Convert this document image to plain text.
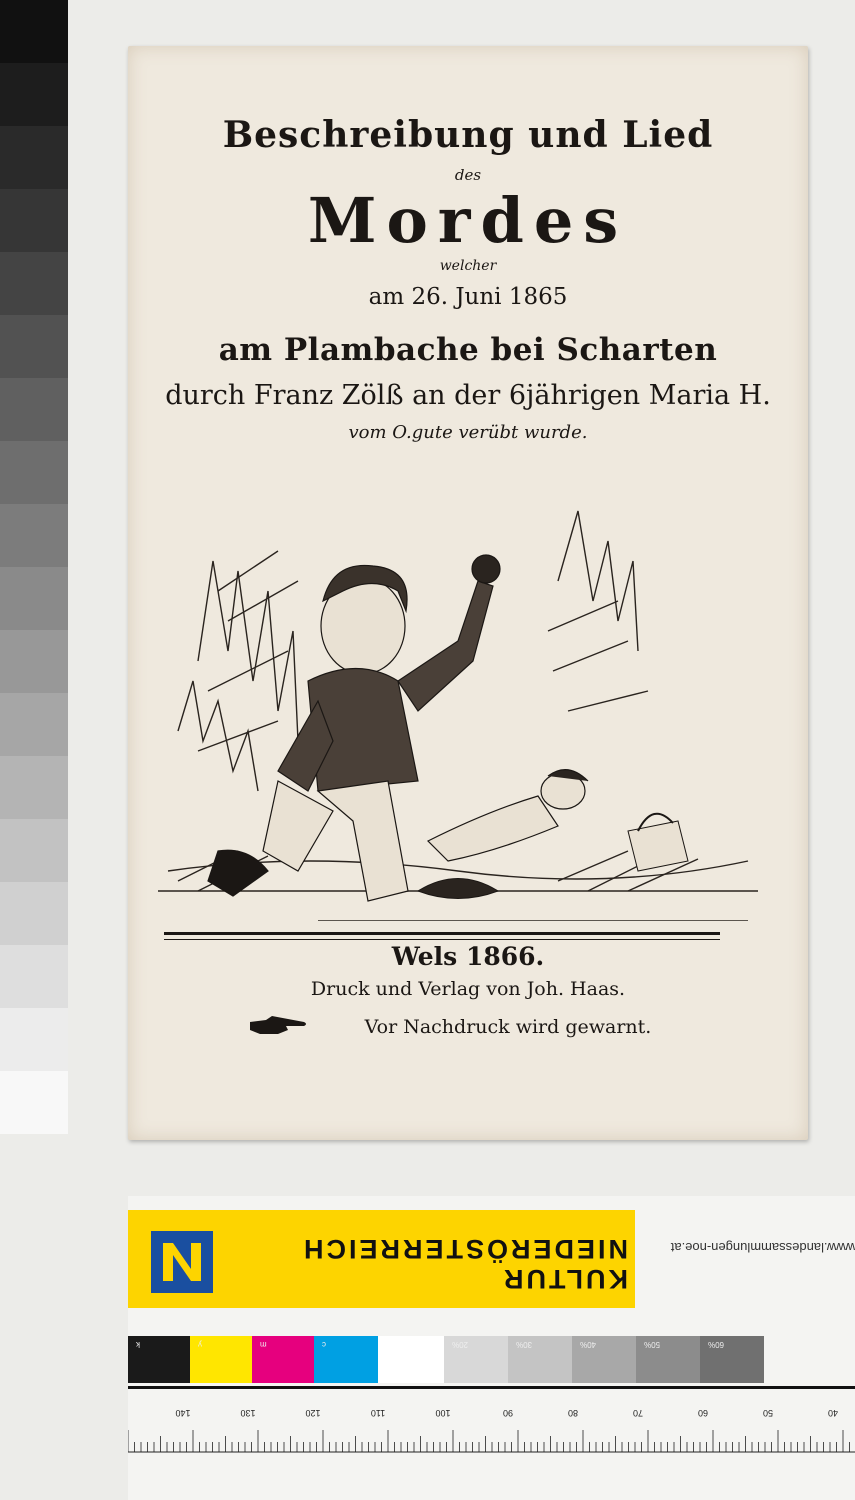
Beschreibung und Lied
des
Mordes
welcher
am 26. Juni 1865
am Plambache bei Scharten
durch Franz Zölß an der 6jährigen Maria H.
vom O.gute verübt wurde.
Wels 1866.
Druck und Verlag von Joh. Haas.
Vor Nachdruck wird gewarnt.
KULTUR
NIEDERÖSTERREICH	www.landessammlungen-noe.at
k	y	m	c	20%	30%	40%	50%	60%
140	130	120	110	100	90	80	70	60	50	40
